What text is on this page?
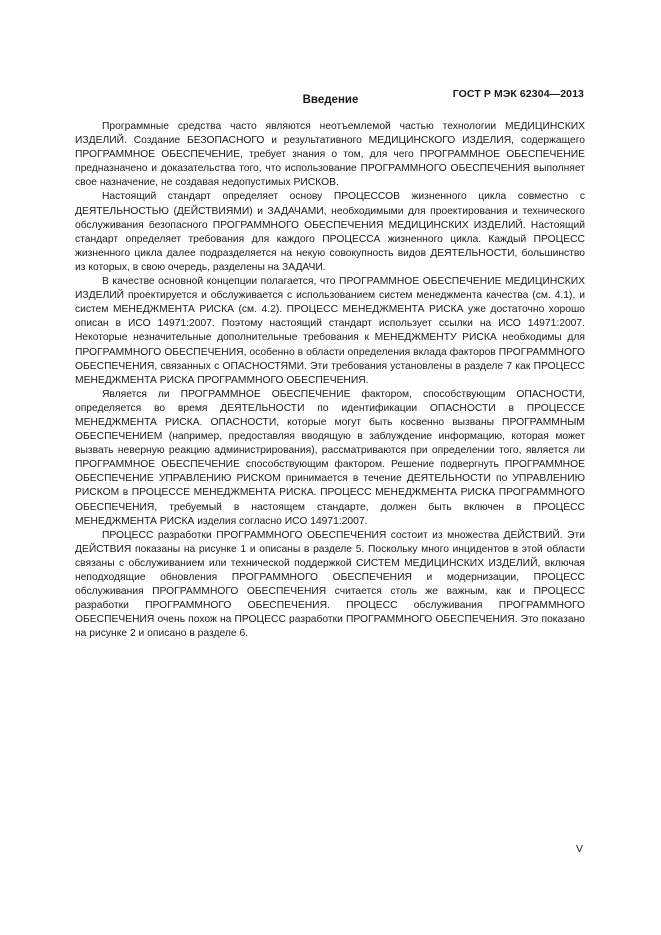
ГОСТ Р МЭК 62304—2013
Введение

Программные средства часто являются неотъемлемой частью технологии МЕДИЦИНСКИХ ИЗДЕЛИЙ. Создание БЕЗОПАСНОГО и результативного МЕДИЦИНСКОГО ИЗДЕЛИЯ, содержащего ПРОГРАММНОЕ ОБЕСПЕЧЕНИЕ, требует знания о том, для чего ПРОГРАММНОЕ ОБЕСПЕЧЕНИЕ предназначено и доказательства того, что использование ПРОГРАММНОГО ОБЕСПЕЧЕНИЯ выполняет свое назначение, не создавая недопустимых РИСКОВ.

Настоящий стандарт определяет основу ПРОЦЕССОВ жизненного цикла совместно с ДЕЯТЕЛЬНОСТЬЮ (ДЕЙСТВИЯМИ) и ЗАДАЧАМИ, необходимыми для проектирования и технического обслуживания безопасного ПРОГРАММНОГО ОБЕСПЕЧЕНИЯ МЕДИЦИНСКИХ ИЗДЕЛИЙ. Настоящий стандарт определяет требования для каждого ПРОЦЕССА жизненного цикла. Каждый ПРОЦЕСС жизненного цикла далее подразделяется на некую совокупность видов ДЕЯТЕЛЬНОСТИ, большинство из которых, в свою очередь, разделены на ЗАДАЧИ.

В качестве основной концепции полагается, что ПРОГРАММНОЕ ОБЕСПЕЧЕНИЕ МЕДИЦИНСКИХ ИЗДЕЛИЙ проектируется и обслуживается с использованием систем менеджмента качества (см. 4.1), и систем МЕНЕДЖМЕНТА РИСКА (см. 4.2). ПРОЦЕСС МЕНЕДЖМЕНТА РИСКА уже достаточно хорошо описан в ИСО 14971:2007. Поэтому настоящий стандарт использует ссылки на ИСО 14971:2007. Некоторые незначительные дополнительные требования к МЕНЕДЖМЕНТУ РИСКА необходимы для ПРОГРАММНОГО ОБЕСПЕЧЕНИЯ, особенно в области определения вклада факторов ПРОГРАММНОГО ОБЕСПЕЧЕНИЯ, связанных с ОПАСНОСТЯМИ. Эти требования установлены в разделе 7 как ПРОЦЕСС МЕНЕДЖМЕНТА РИСКА ПРОГРАММНОГО ОБЕСПЕЧЕНИЯ.

Является ли ПРОГРАММНОЕ ОБЕСПЕЧЕНИЕ фактором, способствующим ОПАСНОСТИ, определяется во время ДЕЯТЕЛЬНОСТИ по идентификации ОПАСНОСТИ в ПРОЦЕССЕ МЕНЕДЖМЕНТА РИСКА. ОПАСНОСТИ, которые могут быть косвенно вызваны ПРОГРАММНЫМ ОБЕСПЕЧЕНИЕМ (например, предоставляя вводящую в заблуждение информацию, которая может вызвать неверную реакцию администрирования), рассматриваются при определении того, является ли ПРОГРАММНОЕ ОБЕСПЕЧЕНИЕ способствующим фактором. Решение подвергнуть ПРОГРАММНОЕ ОБЕСПЕЧЕНИЕ УПРАВЛЕНИЮ РИСКОМ принимается в течение ДЕЯТЕЛЬНОСТИ по УПРАВЛЕНИЮ РИСКОМ в ПРОЦЕССЕ МЕНЕДЖМЕНТА РИСКА. ПРОЦЕСС МЕНЕДЖМЕНТА РИСКА ПРОГРАММНОГО ОБЕСПЕЧЕНИЯ, требуемый в настоящем стандарте, должен быть включен в ПРОЦЕСС МЕНЕДЖМЕНТА РИСКА изделия согласно ИСО 14971:2007.

ПРОЦЕСС разработки ПРОГРАММНОГО ОБЕСПЕЧЕНИЯ состоит из множества ДЕЙСТВИЙ. Эти ДЕЙСТВИЯ показаны на рисунке 1 и описаны в разделе 5. Поскольку много инцидентов в этой области связаны с обслуживанием или технической поддержкой СИСТЕМ МЕДИЦИНСКИХ ИЗДЕЛИЙ, включая неподходящие обновления ПРОГРАММНОГО ОБЕСПЕЧЕНИЯ и модернизации, ПРОЦЕСС обслуживания ПРОГРАММНОГО ОБЕСПЕЧЕНИЯ считается столь же важным, как и ПРОЦЕСС разработки ПРОГРАММНОГО ОБЕСПЕЧЕНИЯ. ПРОЦЕСС обслуживания ПРОГРАММНОГО ОБЕСПЕЧЕНИЯ очень похож на ПРОЦЕСС разработки ПРОГРАММНОГО ОБЕСПЕЧЕНИЯ. Это показано на рисунке 2 и описано в разделе 6.

V
